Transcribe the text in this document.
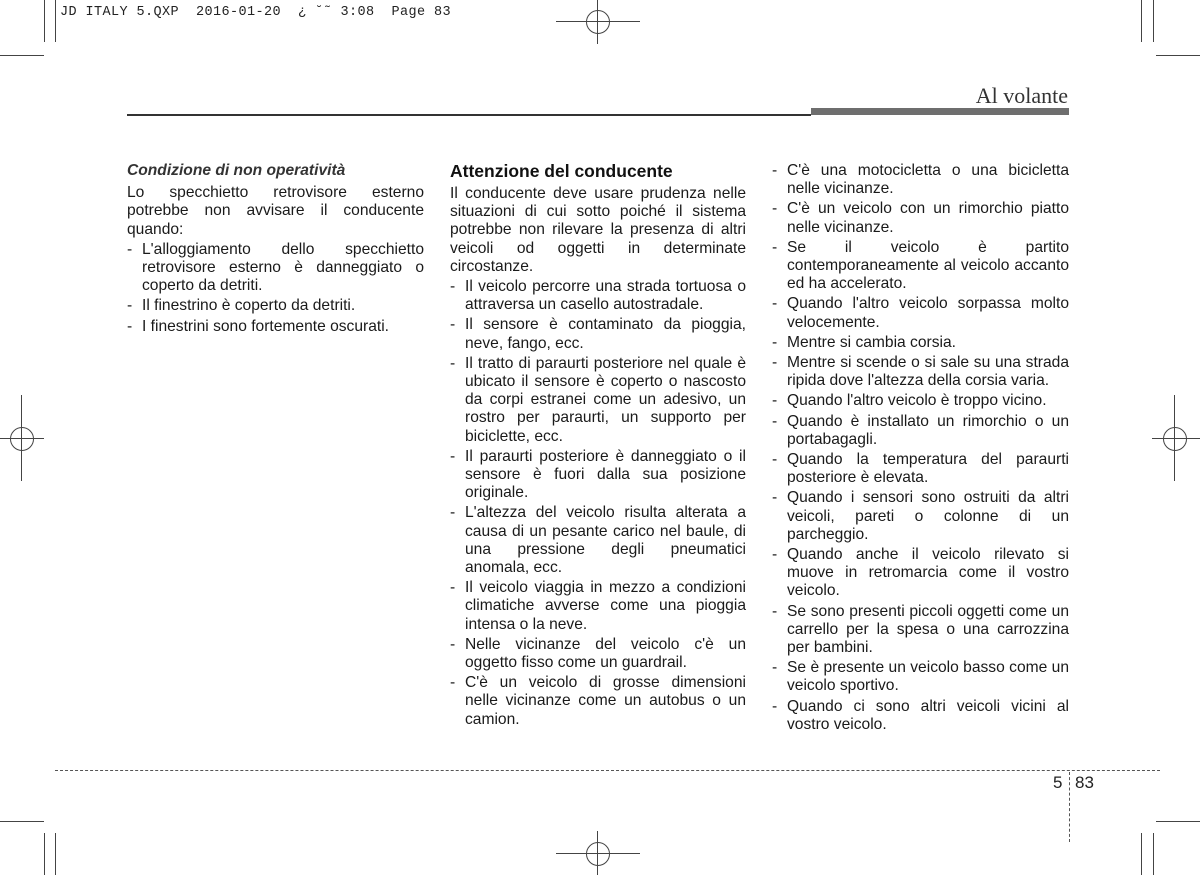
JD ITALY 5.QXP  2016-01-20  ¿ ˘˜ 3:08  Page 83
Al volante

Condizione di non operatività

Lo specchietto retrovisore esterno potrebbe non avvisare il conducente quando:

- L'alloggiamento dello specchietto retrovisore esterno è danneggiato o coperto da detriti.
- Il finestrino è coperto da detriti.
- I finestrini sono fortemente oscurati.

Attenzione del conducente

Il conducente deve usare prudenza nelle situazioni di cui sotto poiché il sistema potrebbe non rilevare la presenza di altri veicoli od oggetti in determinate circostanze.

- Il veicolo percorre una strada tortuosa o attraversa un casello autostradale.
- Il sensore è contaminato da pioggia, neve, fango, ecc.
- Il tratto di paraurti posteriore nel quale è ubicato il sensore è coperto o nascosto da corpi estranei come un adesivo, un rostro per paraurti, un supporto per biciclette, ecc.
- Il paraurti posteriore è danneggiato o il sensore è fuori dalla sua posizione originale.
- L'altezza del veicolo risulta alterata a causa di un pesante carico nel baule, di una pressione degli pneumatici anomala, ecc.
- Il veicolo viaggia in mezzo a condizioni climatiche avverse come una pioggia intensa o la neve.
- Nelle vicinanze del veicolo c'è un oggetto fisso come un guardrail.
- C'è un veicolo di grosse dimensioni nelle vicinanze come un autobus o un camion.
- C'è una motocicletta o una bicicletta nelle vicinanze.
- C'è un veicolo con un rimorchio piatto nelle vicinanze.
- Se il veicolo è partito contemporaneamente al veicolo accanto ed ha accelerato.
- Quando l'altro veicolo sorpassa molto velocemente.
- Mentre si cambia corsia.
- Mentre si scende o si sale su una strada ripida dove l'altezza della corsia varia.
- Quando l'altro veicolo è troppo vicino.
- Quando è installato un rimorchio o un portabagagli.
- Quando la temperatura del paraurti posteriore è elevata.
- Quando i sensori sono ostruiti da altri veicoli, pareti o colonne di un parcheggio.
- Quando anche il veicolo rilevato si muove in retromarcia come il vostro veicolo.
- Se sono presenti piccoli oggetti come un carrello per la spesa o una carrozzina per bambini.
- Se è presente un veicolo basso come un veicolo sportivo.
- Quando ci sono altri veicoli vicini al vostro veicolo.
5 83
